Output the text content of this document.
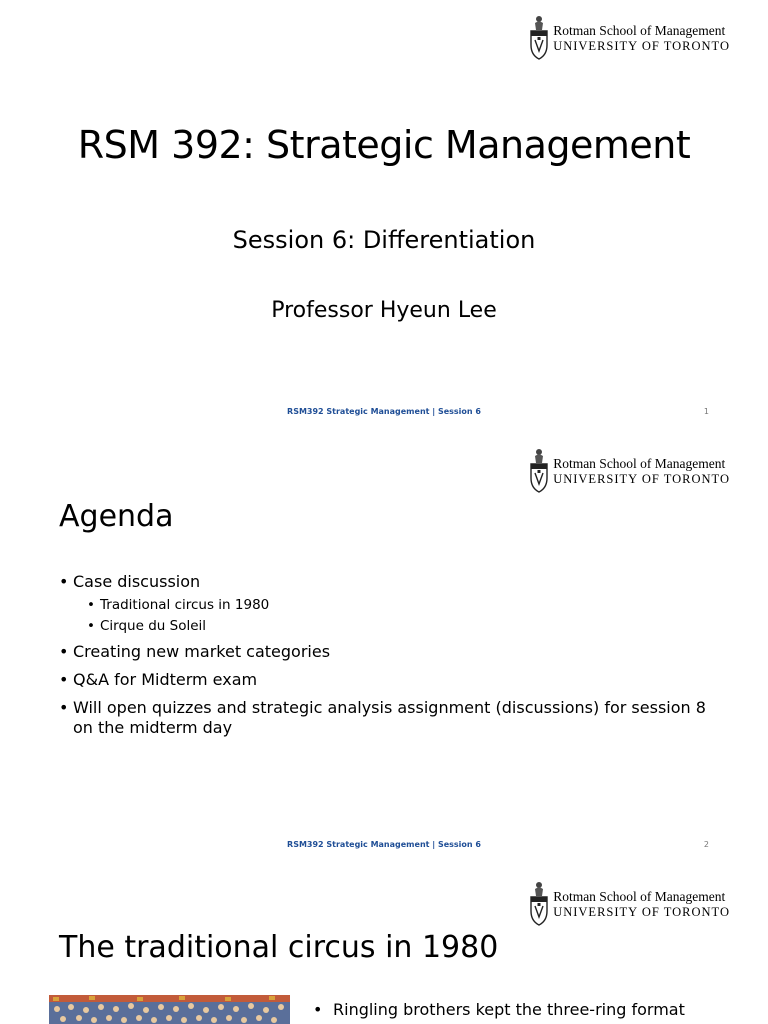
Rotman School of Management
UNIVERSITY OF TORONTO
RSM 392: Strategic Management
Session 6: Differentiation
Professor Hyeun Lee
RSM392 Strategic Management | Session 6	1
Rotman School of Management
UNIVERSITY OF TORONTO
Agenda
• Case discussion
• Traditional circus in 1980
• Cirque du Soleil
• Creating new market categories
• Q&A for Midterm exam
• Will open quizzes and strategic analysis assignment (discussions) for session 8 on the midterm day
RSM392 Strategic Management | Session 6	2
Rotman School of Management
UNIVERSITY OF TORONTO
The traditional circus in 1980
• Ringling brothers kept the three-ring format
